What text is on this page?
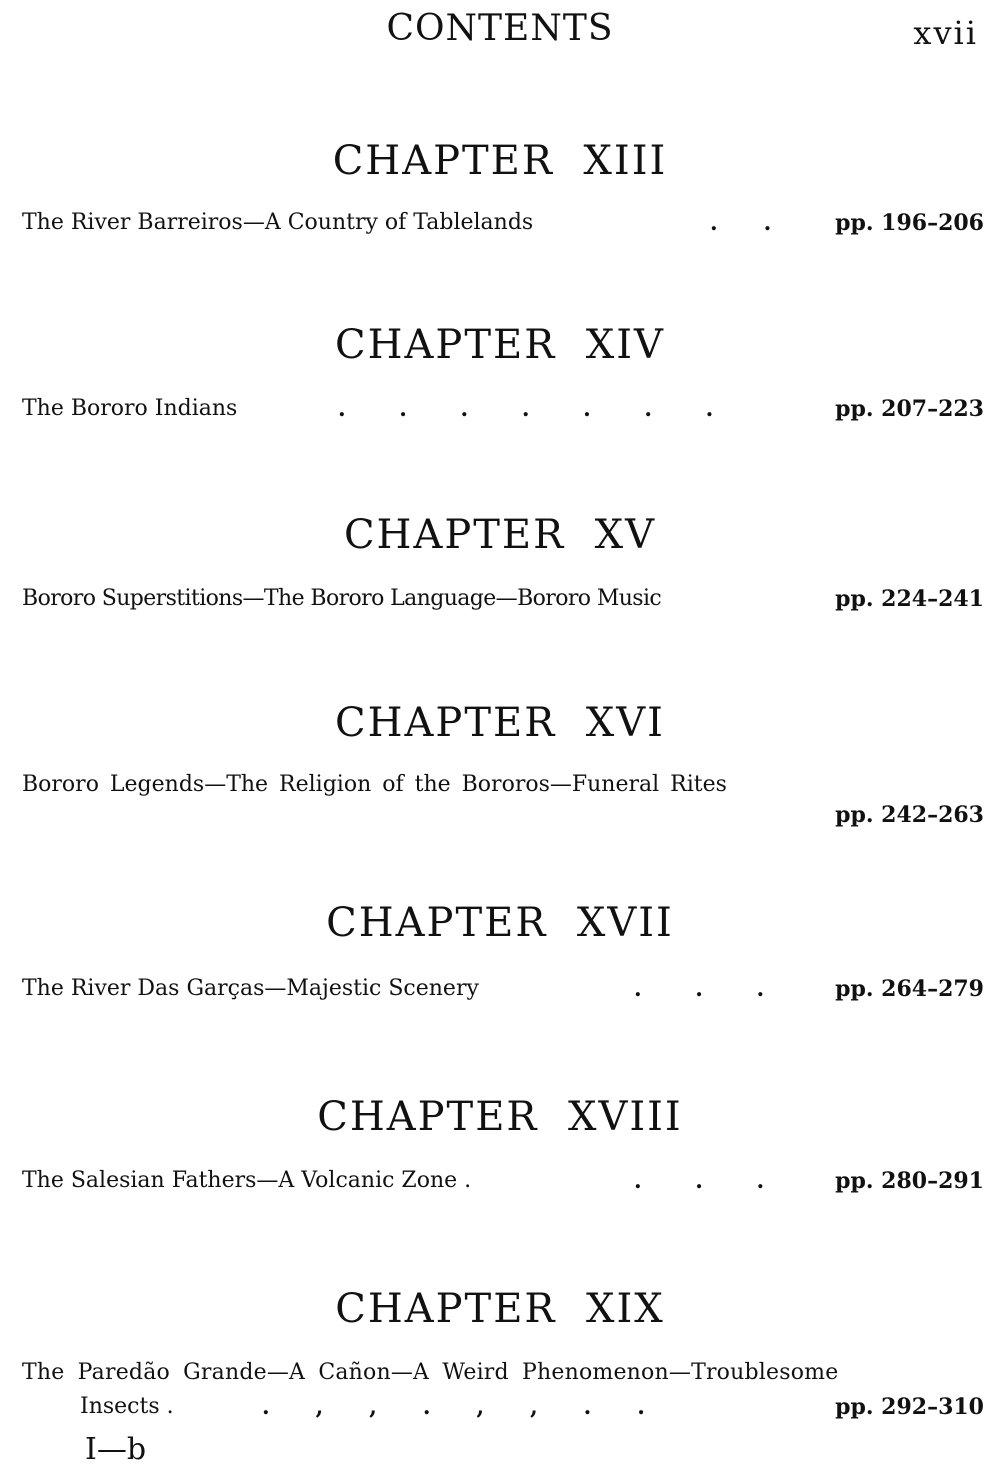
CONTENTS	xvii
CHAPTER  XIII
The River Barreiros—A Country of Tablelands	.      .	pp. 196–206
CHAPTER  XIV
The Bororo Indians	.       .       .       .       .       .       .	pp. 207–223
CHAPTER  XV
Bororo Superstitions—The Bororo Language—Bororo Music	pp. 224–241
CHAPTER  XVI
Bororo Legends—The Religion of the Bororos—Funeral Rites
pp. 242–263
CHAPTER  XVII
The River Das Garças—Majestic Scenery	.       .       .	pp. 264–279
CHAPTER  XVIII
The Salesian Fathers—A Volcanic Zone .	.       .       .	pp. 280–291
CHAPTER  XIX
The Paredão Grande—A Cañon—A Weird Phenomenon—Troublesome
Insects .	.      ,      ,      .      ,      ,      .      .	pp. 292–310
I—b
